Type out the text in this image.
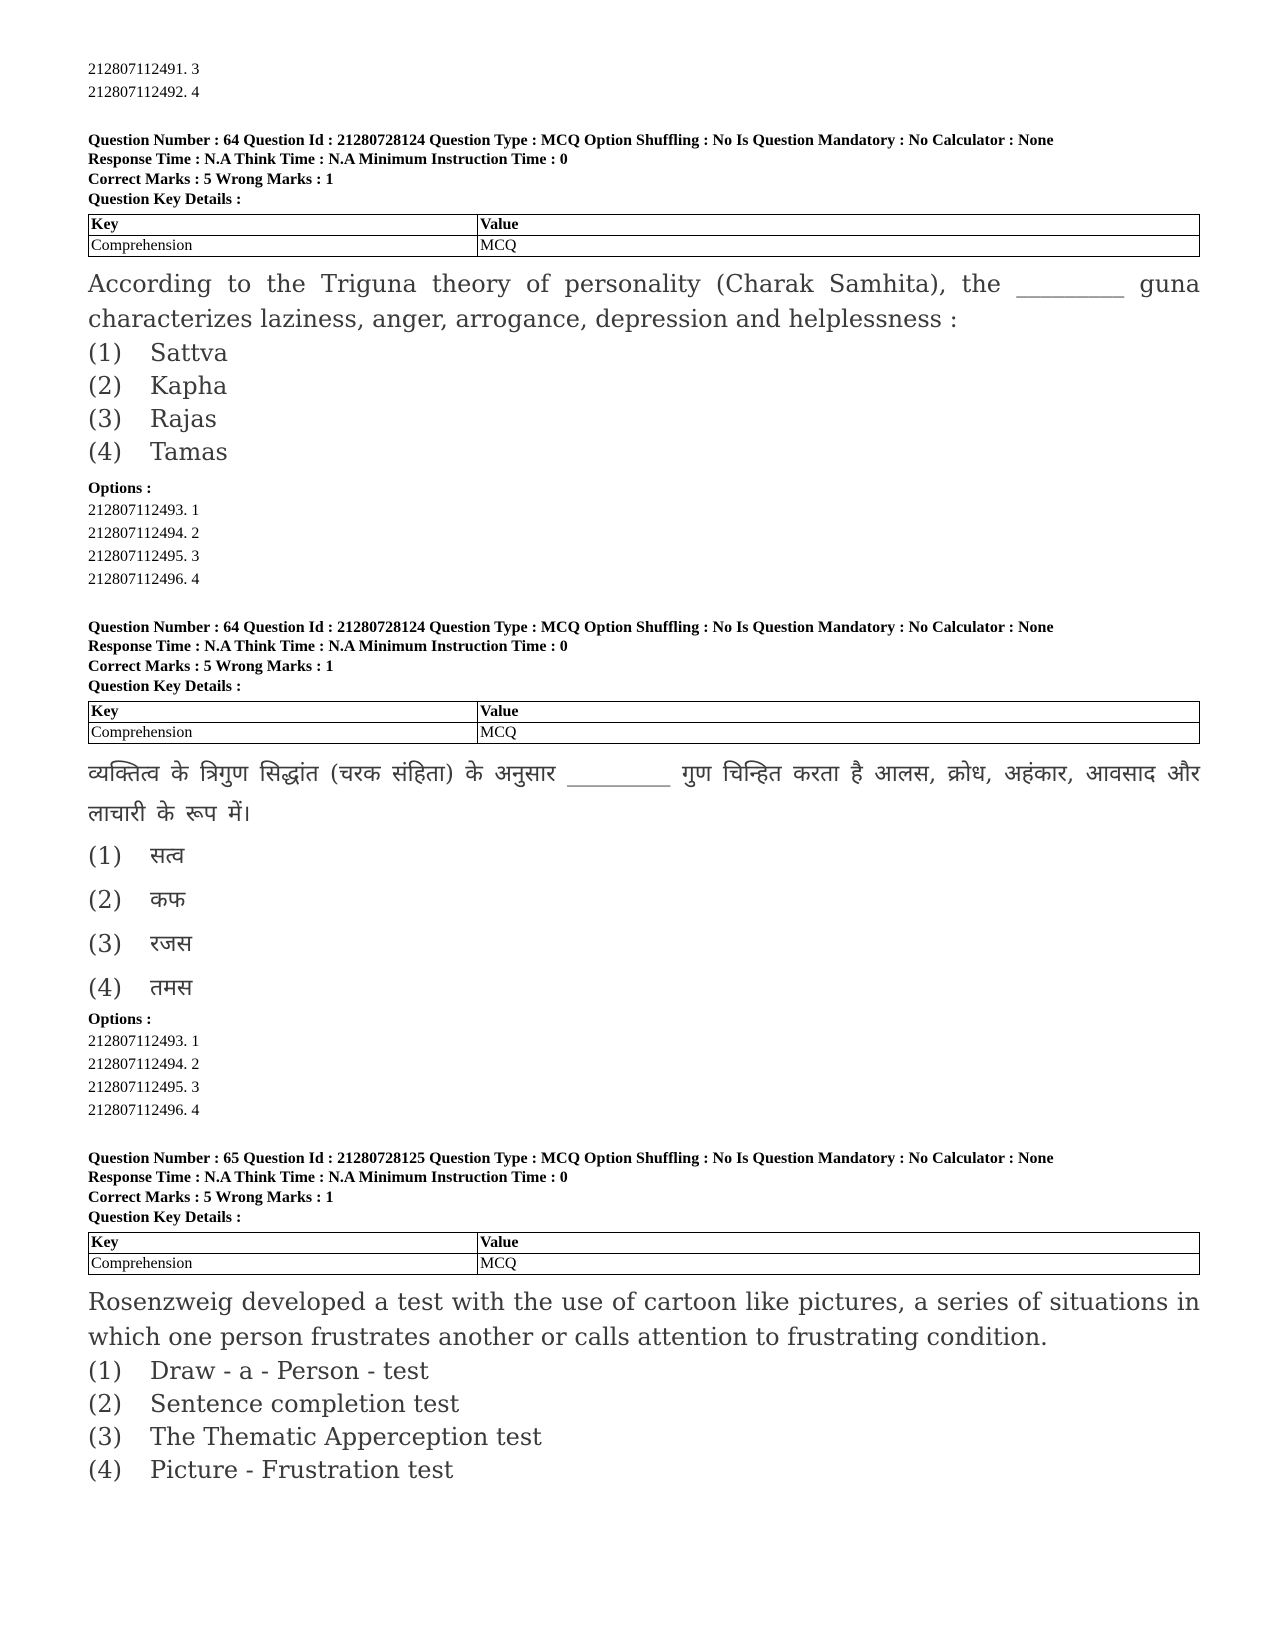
212807112491. 3
212807112492. 4
Question Number : 64 Question Id : 21280728124 Question Type : MCQ Option Shuffling : No Is Question Mandatory : No Calculator : None
Response Time : N.A Think Time : N.A Minimum Instruction Time : 0
Correct Marks : 5 Wrong Marks : 1
Question Key Details :
Key	Value
Comprehension	MCQ
According to the Triguna theory of personality (Charak Samhita), the _________ guna characterizes laziness, anger, arrogance, depression and helplessness :
(1)	Sattva
(2)	Kapha
(3)	Rajas
(4)	Tamas
Options :
212807112493. 1
212807112494. 2
212807112495. 3
212807112496. 4
Question Number : 64 Question Id : 21280728124 Question Type : MCQ Option Shuffling : No Is Question Mandatory : No Calculator : None
Response Time : N.A Think Time : N.A Minimum Instruction Time : 0
Correct Marks : 5 Wrong Marks : 1
Question Key Details :
Key	Value
Comprehension	MCQ
व्यक्तित्व के त्रिगुण सिद्धांत (चरक संहिता) के अनुसार _________ गुण चिन्हित करता है आलस, क्रोध, अहंकार, आवसाद और लाचारी के रूप में।
(1)	सत्व
(2)	कफ
(3)	रजस
(4)	तमस
Options :
212807112493. 1
212807112494. 2
212807112495. 3
212807112496. 4
Question Number : 65 Question Id : 21280728125 Question Type : MCQ Option Shuffling : No Is Question Mandatory : No Calculator : None
Response Time : N.A Think Time : N.A Minimum Instruction Time : 0
Correct Marks : 5 Wrong Marks : 1
Question Key Details :
Key	Value
Comprehension	MCQ
Rosenzweig developed a test with the use of cartoon like pictures, a series of situations in which one person frustrates another or calls attention to frustrating condition.
(1)	Draw - a - Person - test
(2)	Sentence completion test
(3)	The Thematic Apperception test
(4)	Picture - Frustration test
